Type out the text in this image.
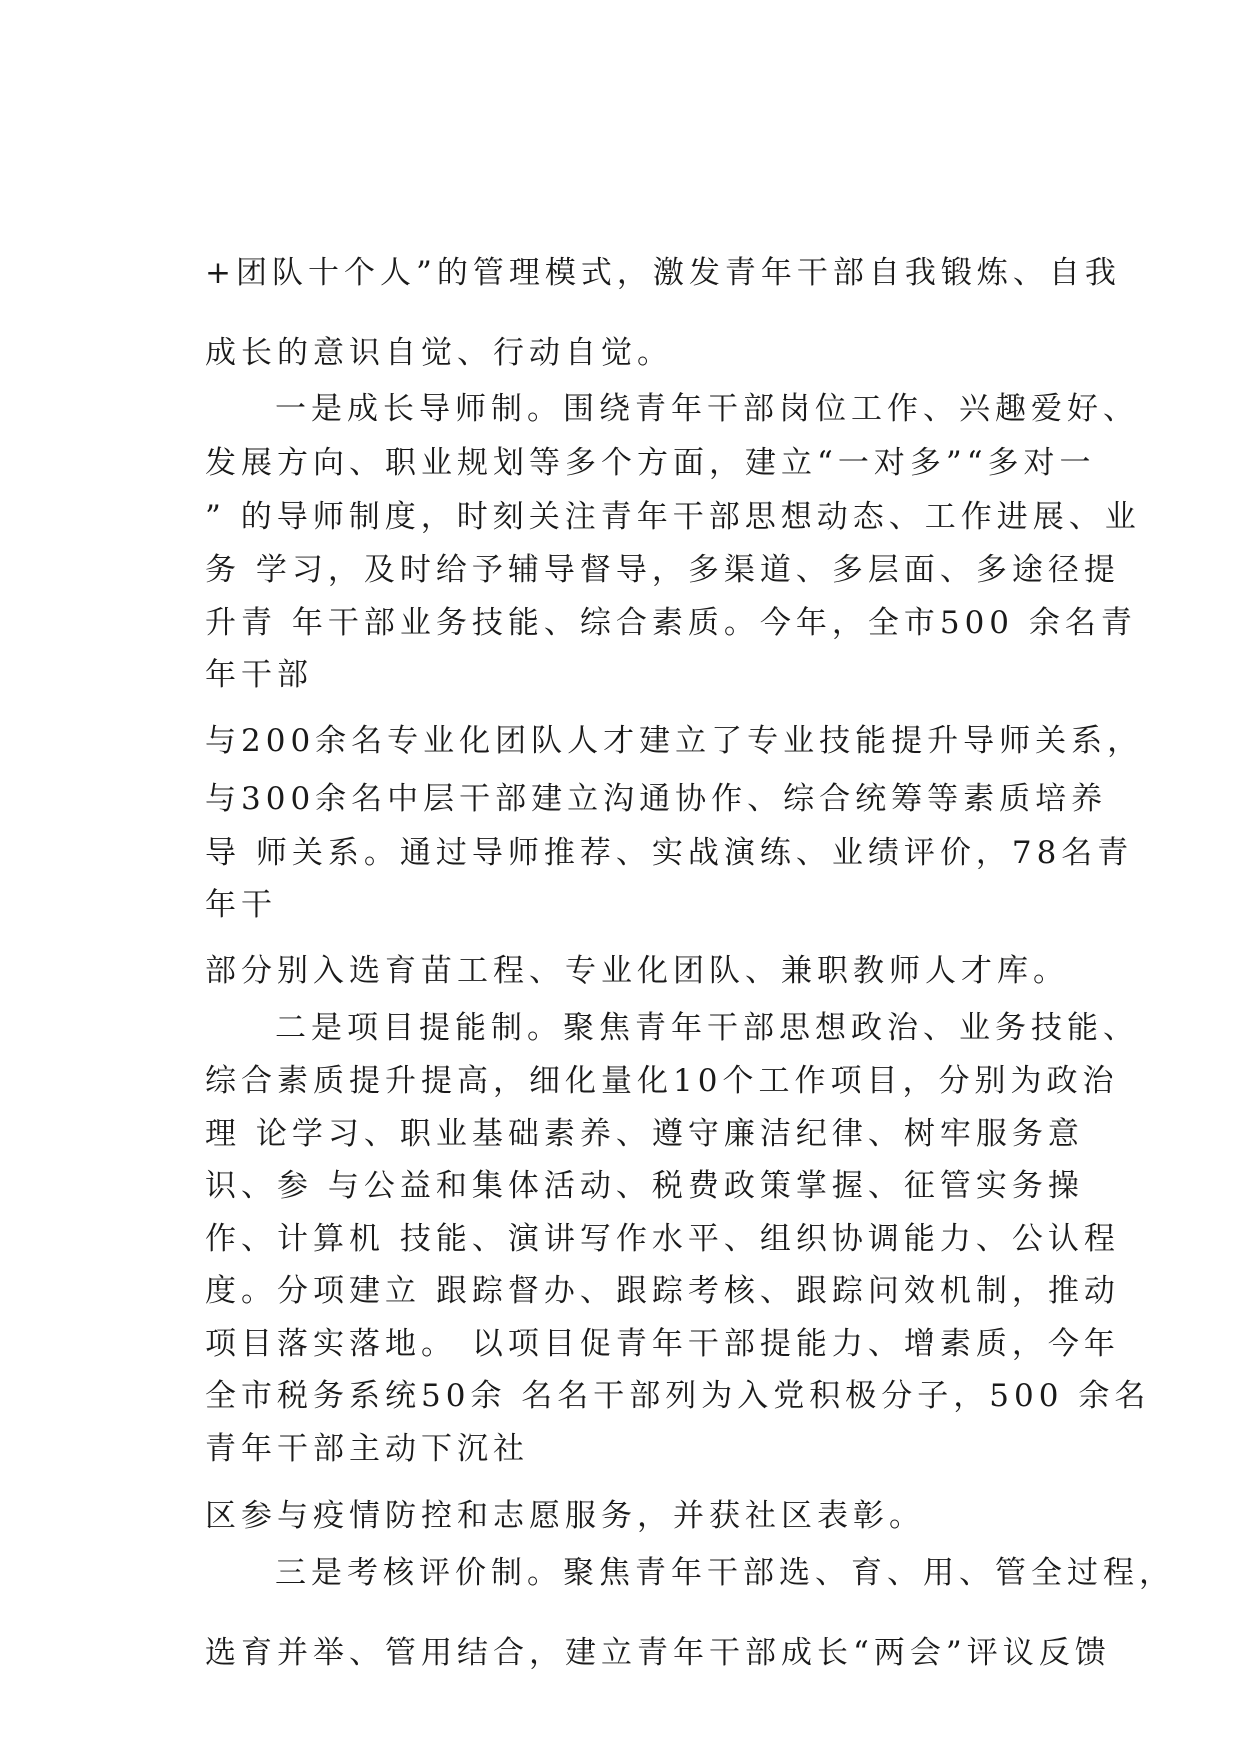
+团队十个人”的管理模式，激发青年干部自我锻炼、自我
成长的意识自觉、行动自觉。
一是成长导师制。围绕青年干部岗位工作、兴趣爱好、
发展方向、职业规划等多个方面，建立“一对多”“多对一
” 的导师制度，时刻关注青年干部思想动态、工作进展、业
务 学习，及时给予辅导督导，多渠道、多层面、多途径提
升青 年干部业务技能、综合素质。今年，全市500 余名青
年干部
与200余名专业化团队人才建立了专业技能提升导师关系，
与300余名中层干部建立沟通协作、综合统筹等素质培养
导 师关系。通过导师推荐、实战演练、业绩评价，78名青
年干
部分别入选育苗工程、专业化团队、兼职教师人才库。
二是项目提能制。聚焦青年干部思想政治、业务技能、
综合素质提升提高，细化量化10个工作项目，分别为政治
理 论学习、职业基础素养、遵守廉洁纪律、树牢服务意
识、参 与公益和集体活动、税费政策掌握、征管实务操
作、计算机 技能、演讲写作水平、组织协调能力、公认程
度。分项建立 跟踪督办、跟踪考核、跟踪问效机制，推动
项目落实落地。 以项目促青年干部提能力、增素质，今年
全市税务系统50余 名名干部列为入党积极分子，500 余名
青年干部主动下沉社
区参与疫情防控和志愿服务，并获社区表彰。
三是考核评价制。聚焦青年干部选、育、用、管全过程，
选育并举、管用结合，建立青年干部成长“两会”评议反馈
